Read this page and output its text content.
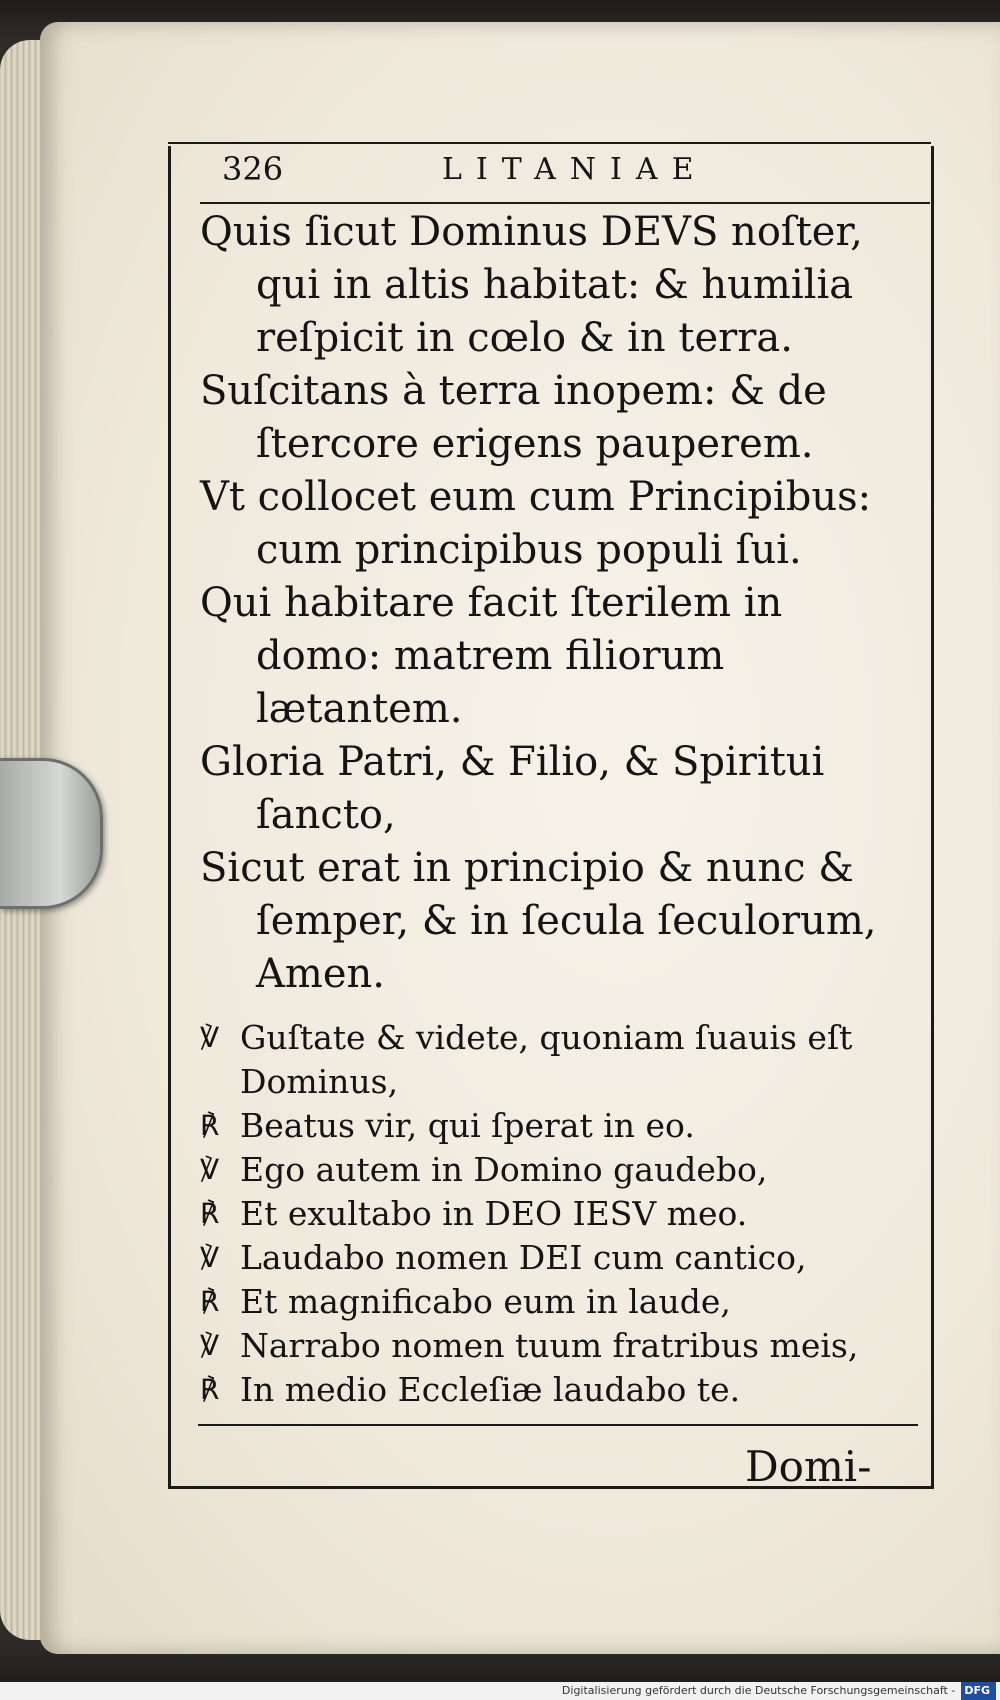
326	LITANIAE

Quis ſicut Dominus DEVS noſter, qui in altis habitat: & humilia reſpicit in cœlo & in terra.

Suſcitans à terra inopem: & de ſtercore erigens pauperem.

Vt collocet eum cum Principibus: cum principibus populi ſui.

Qui habitare facit ſterilem in domo: matrem filiorum lætantem.

Gloria Patri, & Filio, & Spiritui ſancto,

Sicut erat in principio & nunc & ſemper, & in ſecula ſeculorum, Amen.

℣ Guſtate & videte, quoniam ſuauis eſt Dominus,

℟ Beatus vir, qui ſperat in eo.

℣ Ego autem in Domino gaudebo,

℟ Et exultabo in DEO IESV meo.

℣ Laudabo nomen DEI cum cantico,

℟ Et magnificabo eum in laude,

℣ Narrabo nomen tuum fratribus meis,

℟ In medio Eccleſiæ laudabo te.

Domi-
Digitalisierung gefördert durch die Deutsche Forschungsgemeinschaft - DFG
